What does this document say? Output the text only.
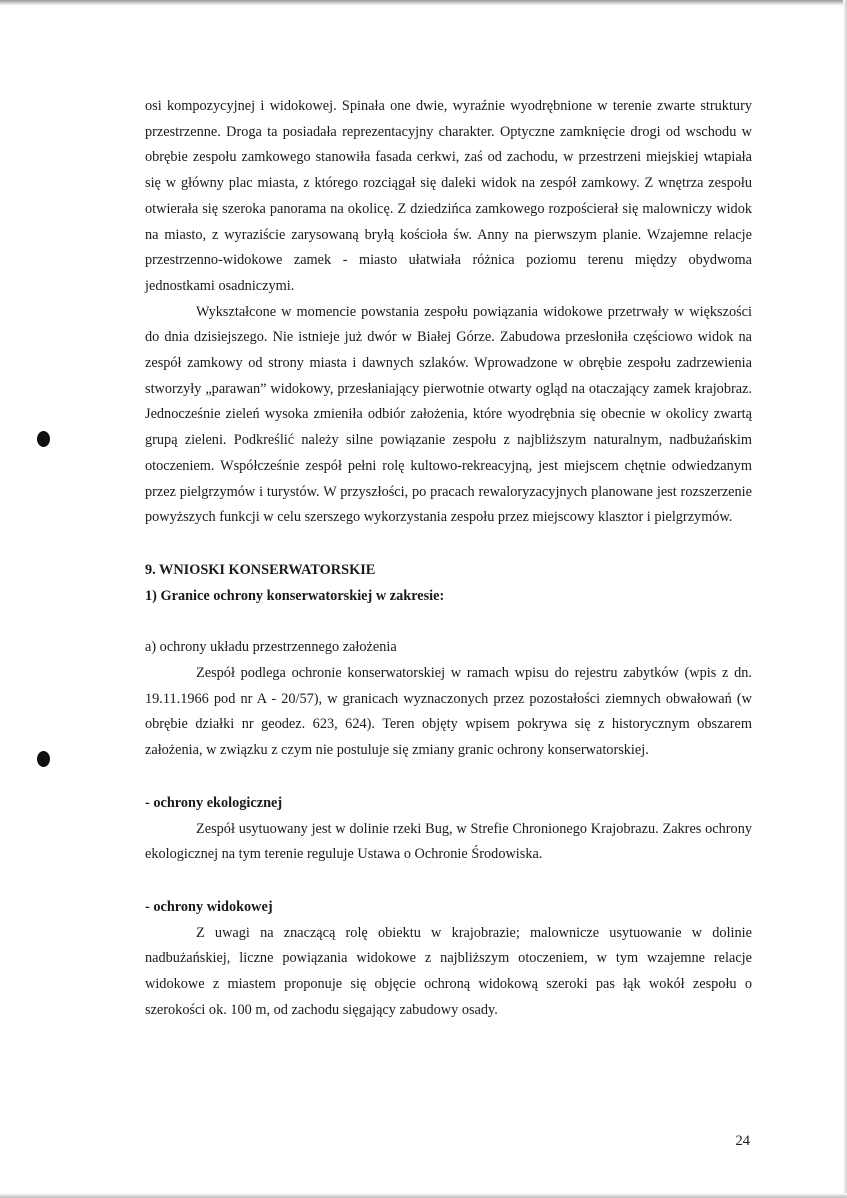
osi kompozycyjnej i widokowej. Spinała one dwie, wyraźnie wyodrębnione w terenie zwarte struktury przestrzenne. Droga ta posiadała reprezentacyjny charakter. Optyczne zamknięcie drogi od wschodu w obrębie zespołu zamkowego stanowiła fasada cerkwi, zaś od zachodu, w przestrzeni miejskiej wtapiała się w główny plac miasta, z którego rozciągał się daleki widok na zespół zamkowy. Z wnętrza zespołu otwierała się szeroka panorama na okolicę. Z dziedzińca zamkowego rozpościerał się malowniczy widok na miasto, z wyraziście zarysowaną bryłą kościoła św. Anny na pierwszym planie. Wzajemne relacje przestrzenno-widokowe zamek - miasto ułatwiała różnica poziomu terenu między obydwoma jednostkami osadniczymi.

Wykształcone w momencie powstania zespołu powiązania widokowe przetrwały w większości do dnia dzisiejszego. Nie istnieje już dwór w Białej Górze. Zabudowa przesłoniła częściowo widok na zespół zamkowy od strony miasta i dawnych szlaków. Wprowadzone w obrębie zespołu zadrzewienia stworzyły „parawan” widokowy, przesłaniający pierwotnie otwarty ogląd na otaczający zamek krajobraz. Jednocześnie zieleń wysoka zmieniła odbiór założenia, które wyodrębnia się obecnie w okolicy zwartą grupą zieleni. Podkreślić należy silne powiązanie zespołu z najbliższym naturalnym, nadbużańskim otoczeniem. Współcześnie zespół pełni rolę kultowo-rekreacyjną, jest miejscem chętnie odwiedzanym przez pielgrzymów i turystów. W przyszłości, po pracach rewaloryzacyjnych planowane jest rozszerzenie powyższych funkcji w celu szerszego wykorzystania zespołu przez miejscowy klasztor i pielgrzymów.

9. WNIOSKI KONSERWATORSKIE

1) Granice ochrony konserwatorskiej w zakresie:

a) ochrony układu przestrzennego założenia

Zespół podlega ochronie konserwatorskiej w ramach wpisu do rejestru zabytków (wpis z dn. 19.11.1966 pod nr A - 20/57), w granicach wyznaczonych przez pozostałości ziemnych obwałowań (w obrębie działki nr geodez. 623, 624). Teren objęty wpisem pokrywa się z historycznym obszarem założenia, w związku z czym nie postuluje się zmiany granic ochrony konserwatorskiej.

- ochrony ekologicznej

Zespół usytuowany jest w dolinie rzeki Bug, w Strefie Chronionego Krajobrazu. Zakres ochrony ekologicznej na tym terenie reguluje Ustawa o Ochronie Środowiska.

- ochrony widokowej

Z uwagi na znaczącą rolę obiektu w krajobrazie; malownicze usytuowanie w dolinie nadbużańskiej, liczne powiązania widokowe z najbliższym otoczeniem, w tym wzajemne relacje widokowe z miastem proponuje się objęcie ochroną widokową szeroki pas łąk wokół zespołu o szerokości ok. 100 m, od zachodu sięgający zabudowy osady.

24
